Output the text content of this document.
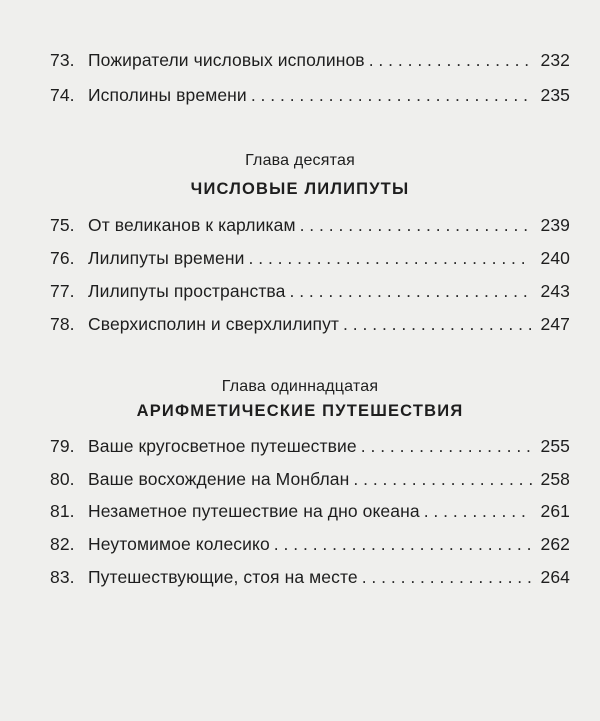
73. Пожиратели числовых исполинов . . .	232
74. Исполины времени . . .	235
Глава десятая
ЧИСЛОВЫЕ ЛИЛИПУТЫ
75. От великанов к карликам . . .	239
76. Лилипуты времени . . .	240
77. Лилипуты пространства . . .	243
78. Сверхисполин и сверхлилипут . . .	247
Глава одиннадцатая
АРИФМЕТИЧЕСКИЕ ПУТЕШЕСТВИЯ
79. Ваше кругосветное путешествие . . .	255
80. Ваше восхождение на Монблан . . .	258
81. Незаметное путешествие на дно океана . . .	261
82. Неутомимое колесико . . .	262
83. Путешествующие, стоя на месте . . .	264
